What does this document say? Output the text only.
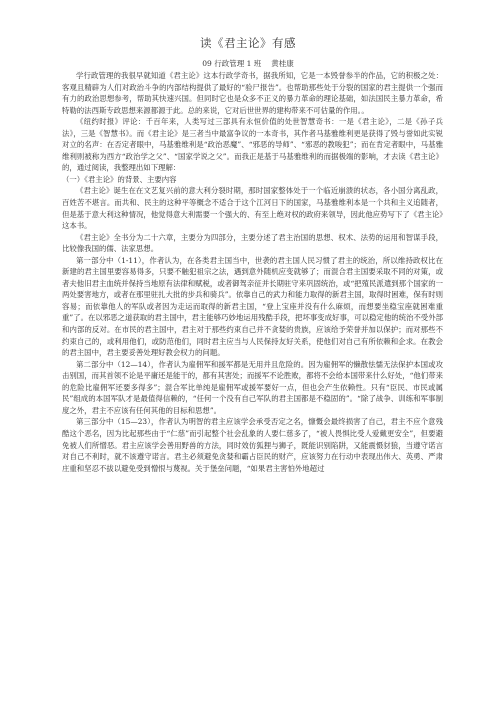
读《君主论》有感
09 行政管理 1 班 黄桂康

学行政管理的我很早就知道《君主论》这本行政学奇书，据我所知，它是一本毁誉参半的作品，它的积极之处：客观且精辟为人们对政治斗争的内部结构提供了最好的“验尸报告”。也帮助那些处于分裂的国家的君主提供一个强而有力的政治思想参考，帮助其快速兴国。但同时它也是众多不正义的暴力革命的理论基础，如法国民主暴力革命，希特勒的法西斯专政思想来源都源于此。总的来说，它对后世世界的建构带来不可估量的作用。。

《纽约时报》评论：千百年来，人类写过三部具有永恒价值的处世智慧奇书：一是《君主论》，二是《孙子兵法》，三是《智慧书》。而《君主论》是三者当中最富争议的一本奇书，其作者马基雅维利更是获得了毁与誉如此实锐对立的名声：在否定者眼中，马基雅维利是“政治恶魔”、“邪恶的导师”、“邪恶的教唆犯”；而在肯定者眼中，马基雅维利则被称为西方“政治学之父”、“国家学说之父”。而我正是基于马基雅维利的而据极端的影响，才去读《君主论》的，通过阅读，我整理出如下理解：

（一）《君主论》的背景、主要内容

《君主论》诞生在在文艺复兴前的意大利分裂时期，那时国家整体处于一个临近崩溃的状态，各小国分离乱政，百姓苦不堪言。而共和、民主的这种平等概念不适合于这个江河日下的国家，马基雅维利本是一个共和主义追随者，但是基于意大利这种情况，他觉得意大利需要一个强大的、有至上绝对权的政府来领导，因此他应势写下了《君主论》这本书。

《君主论》全书分为二十六章，主要分为四部分，主要分述了君主治国的思想、权术、法势的运用和智谋手段，比较像我国的儒、法家思想。

第一部分中（1-11），作者认为，在各类君主国当中，世袭的君主国人民习惯了君主的统治，所以维持政权比在新建的君主国里要容易得多，只要不触犯祖宗之法，遇到意外随机应变就够了；而混合君主国要采取不同的对策，或者夫他旧君主血统并保持当地原有法律和赋税，或者御驾亲征并长期驻守来巩固统治，或“把殖民派遣到那个国家的一两处要害地方，或者在那里驻扎大批的步兵和骑兵”。依靠自己的武力和能力取得的新君主国，取得时困难，保有时则容易；而依靠他人的军队或者因为走运而取得的新君主国，“登上宝座并没有什么麻烦，而想要坐稳宝座就困难重重”了。在以邪恶之道获取的君主国中，君主能够巧妙地运用残酷手段，把坏事变成好事，可以稳定他的统治不受外部和内部的反对。在市民的君主国中，君主对于那些约束自己并不贪婪的贵族，应该给予荣誉并加以保护；而对那些不约束自己的，或利用他们，或防范他们，同时君主应当与人民保持友好关系，使他们对自己有所依赖和企求。在教会的君主国中，君主要妥善处理好教会权力的问题。

第二部分中（12—14），作者认为雇佣军和援军都是无用并且危险的。因为雇佣军的懒散怯懦无法保护本国或攻击别国，而其首领不论是平庸还是能干的，都有其害处；而援军不论胜败，都将不会给本国带来什么好处，“他们带来的危险比雇佣军还要多得多”；混合军比单纯是雇佣军或援军要好一点，但也会产生依赖性。只有“臣民、市民或属民”组成的本国军队才是最值得信赖的，“任何一个没有自己军队的君主国都是不稳固的”。“除了战争、训练和军事制度之外，君主不应该有任何其他的目标和思想”。

第三部分中（15—23），作者认为明智的君主应该学会承受否定之名，慷慨会最终损害了自己，君主不应个意残酷这个恶名，因为比起那些由于“仁慈”而引起整个社会乱象的人要仁慈多了，“被人畏惧比受人爱戴更安全”，但要避免被人们所憎恶。君主应该学会善用野兽的方法，同时效仿狐狸与狮子，既能识别陷阱，又能震慑豺狼，当遵守诺言对自己不利时，就不该遵守诺言。君主必须避免贪婪和霸占臣民的财产，应该努力在行动中表现出伟大、英勇、严肃庄重和坚忍不拔以避免受到憎恨与蔑视。关于堡垒问题，“如果君主害怕外地超过
